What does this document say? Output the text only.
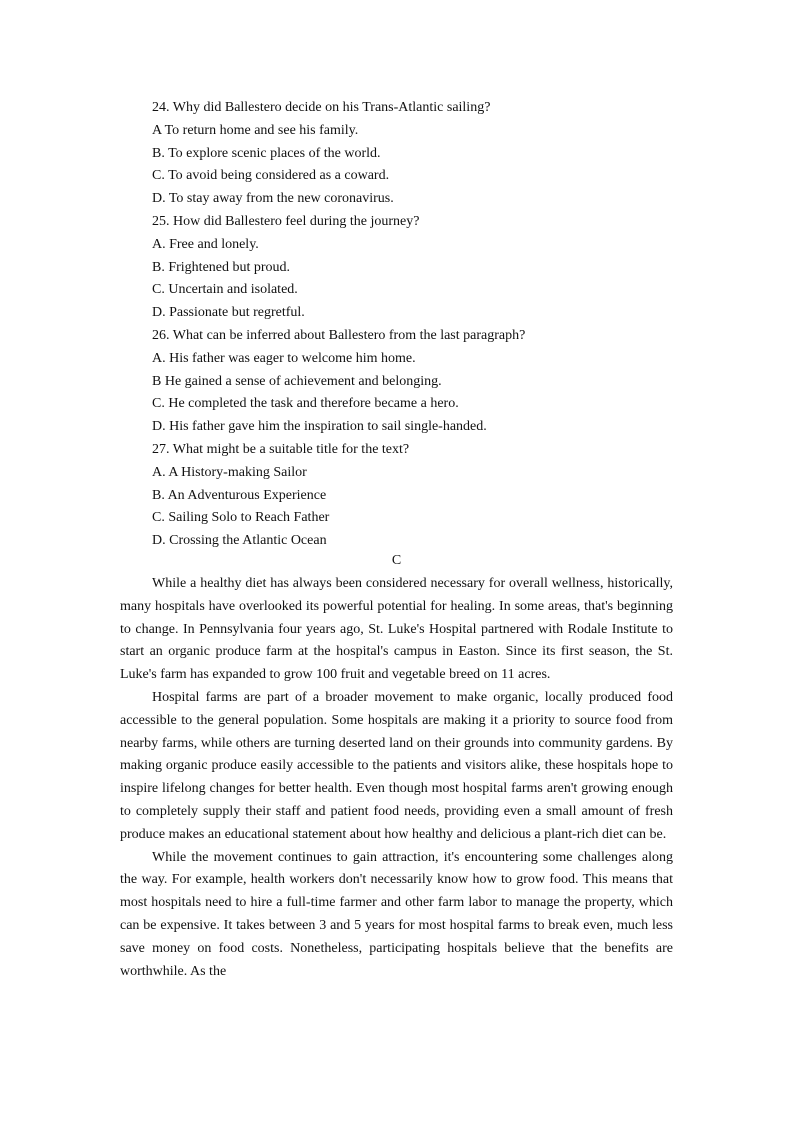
24. Why did Ballestero decide on his Trans-Atlantic sailing?
A To return home and see his family.
B. To explore scenic places of the world.
C. To avoid being considered as a coward.
D. To stay away from the new coronavirus.
25. How did Ballestero feel during the journey?
A. Free and lonely.
B. Frightened but proud.
C. Uncertain and isolated.
D. Passionate but regretful.
26. What can be inferred about Ballestero from the last paragraph?
A. His father was eager to welcome him home.
B He gained a sense of achievement and belonging.
C. He completed the task and therefore became a hero.
D. His father gave him the inspiration to sail single-handed.
27. What might be a suitable title for the text?
A. A History-making Sailor
B. An Adventurous Experience
C. Sailing Solo to Reach Father
D. Crossing the Atlantic Ocean
C

While a healthy diet has always been considered necessary for overall wellness, historically, many hospitals have overlooked its powerful potential for healing. In some areas, that's beginning to change. In Pennsylvania four years ago, St. Luke's Hospital partnered with Rodale Institute to start an organic produce farm at the hospital's campus in Easton. Since its first season, the St. Luke's farm has expanded to grow 100 fruit and vegetable breed on 11 acres.

Hospital farms are part of a broader movement to make organic, locally produced food accessible to the general population. Some hospitals are making it a priority to source food from nearby farms, while others are turning deserted land on their grounds into community gardens. By making organic produce easily accessible to the patients and visitors alike, these hospitals hope to inspire lifelong changes for better health. Even though most hospital farms aren't growing enough to completely supply their staff and patient food needs, providing even a small amount of fresh produce makes an educational statement about how healthy and delicious a plant-rich diet can be.

While the movement continues to gain attraction, it's encountering some challenges along the way. For example, health workers don't necessarily know how to grow food. This means that most hospitals need to hire a full-time farmer and other farm labor to manage the property, which can be expensive. It takes between 3 and 5 years for most hospital farms to break even, much less save money on food costs. Nonetheless, participating hospitals believe that the benefits are worthwhile. As the
